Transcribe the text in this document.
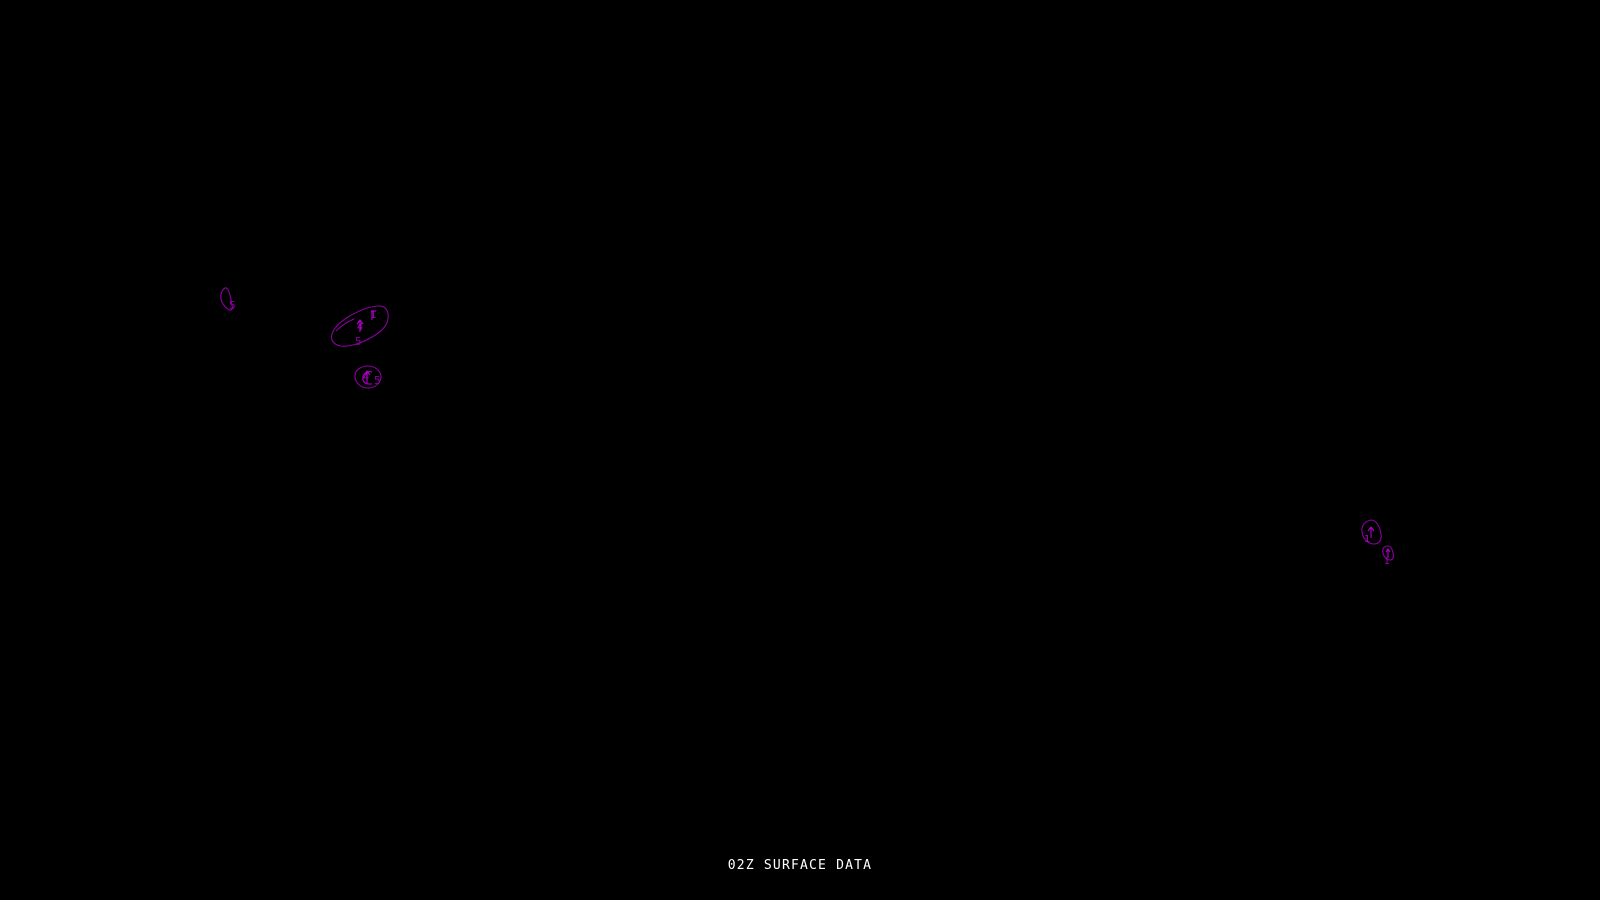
5
5
1
4
5
4
1
1
02Z SURFACE DATA
